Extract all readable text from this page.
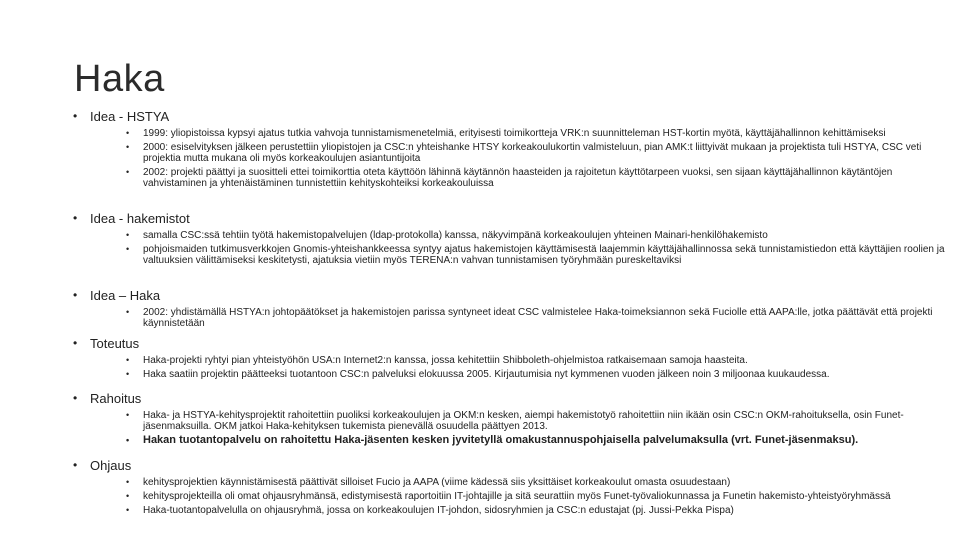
Haka
• Idea - HSTYA
• 1999: yliopistoissa kypsyi ajatus tutkia vahvoja tunnistamismenetelmiä, erityisesti toimikortteja VRK:n suunnitteleman HST-kortin myötä, käyttäjähallinnon kehittämiseksi
• 2000: esiselvityksen jälkeen perustettiin yliopistojen ja CSC:n yhteishanke HTSY korkeakoulukortin valmisteluun, pian AMK:t liittyivät mukaan ja projektista tuli HSTYA, CSC veti projektia mutta mukana oli myös korkeakoulujen asiantuntijoita
• 2002: projekti päättyi ja suositteli ettei toimikorttia oteta käyttöön lähinnä käytännön haasteiden ja rajoitetun käyttötarpeen vuoksi, sen sijaan käyttäjähallinnon käytäntöjen vahvistaminen ja yhtenäistäminen tunnistettiin kehityskohteiksi korkeakouluissa
• Idea - hakemistot
• samalla CSC:ssä tehtiin työtä hakemistopalvelujen (ldap-protokolla) kanssa, näkyvimpänä korkeakoulujen yhteinen Mainari-henkilöhakemisto
• pohjoismaiden tutkimusverkkojen Gnomis-yhteishankkeessa syntyy ajatus hakemistojen käyttämisestä laajemmin käyttäjähallinnossa sekä tunnistamistiedon että käyttäjien roolien ja valtuuksien välittämiseksi keskitetysti, ajatuksia vietiin myös TERENA:n vahvan tunnistamisen työryhmään pureskeltaviksi
• Idea – Haka
• 2002: yhdistämällä HSTYA:n johtopäätökset ja hakemistojen parissa syntyneet ideat CSC valmistelee Haka-toimeksiannon sekä Fuciolle että AAPA:lle, jotka päättävät että projekti käynnistetään
• Toteutus
• Haka-projekti ryhtyi pian yhteistyöhön USA:n Internet2:n kanssa, jossa kehitettiin Shibboleth-ohjelmistoa ratkaisemaan samoja haasteita.
• Haka saatiin projektin päätteeksi tuotantoon CSC:n palveluksi elokuussa 2005. Kirjautumisia nyt kymmenen vuoden jälkeen noin 3 miljoonaa kuukaudessa.
• Rahoitus
• Haka- ja HSTYA-kehitysprojektit rahoitettiin puoliksi korkeakoulujen ja OKM:n kesken, aiempi hakemistotyö rahoitettiin niin ikään osin CSC:n OKM-rahoituksella, osin Funet-jäsenmaksuilla. OKM jatkoi Haka-kehityksen tukemista pienevällä osuudella päättyen 2013.
• Hakan tuotantopalvelu on rahoitettu Haka-jäsenten kesken jyvitetyllä omakustannuspohjaisella palvelumaksulla (vrt. Funet-jäsenmaksu).
• Ohjaus
• kehitysprojektien käynnistämisestä päättivät silloiset Fucio ja AAPA (viime kädessä siis yksittäiset korkeakoulut omasta osuudestaan)
• kehitysprojekteilla oli omat ohjausryhmänsä, edistymisestä raportoitiin IT-johtajille ja sitä seurattiin myös Funet-työvaliokunnassa ja Funetin hakemisto-yhteistyöryhmässä
• Haka-tuotantopalvelulla on ohjausryhmä, jossa on korkeakoulujen IT-johdon, sidosryhmien ja CSC:n edustajat (pj. Jussi-Pekka Pispa)
